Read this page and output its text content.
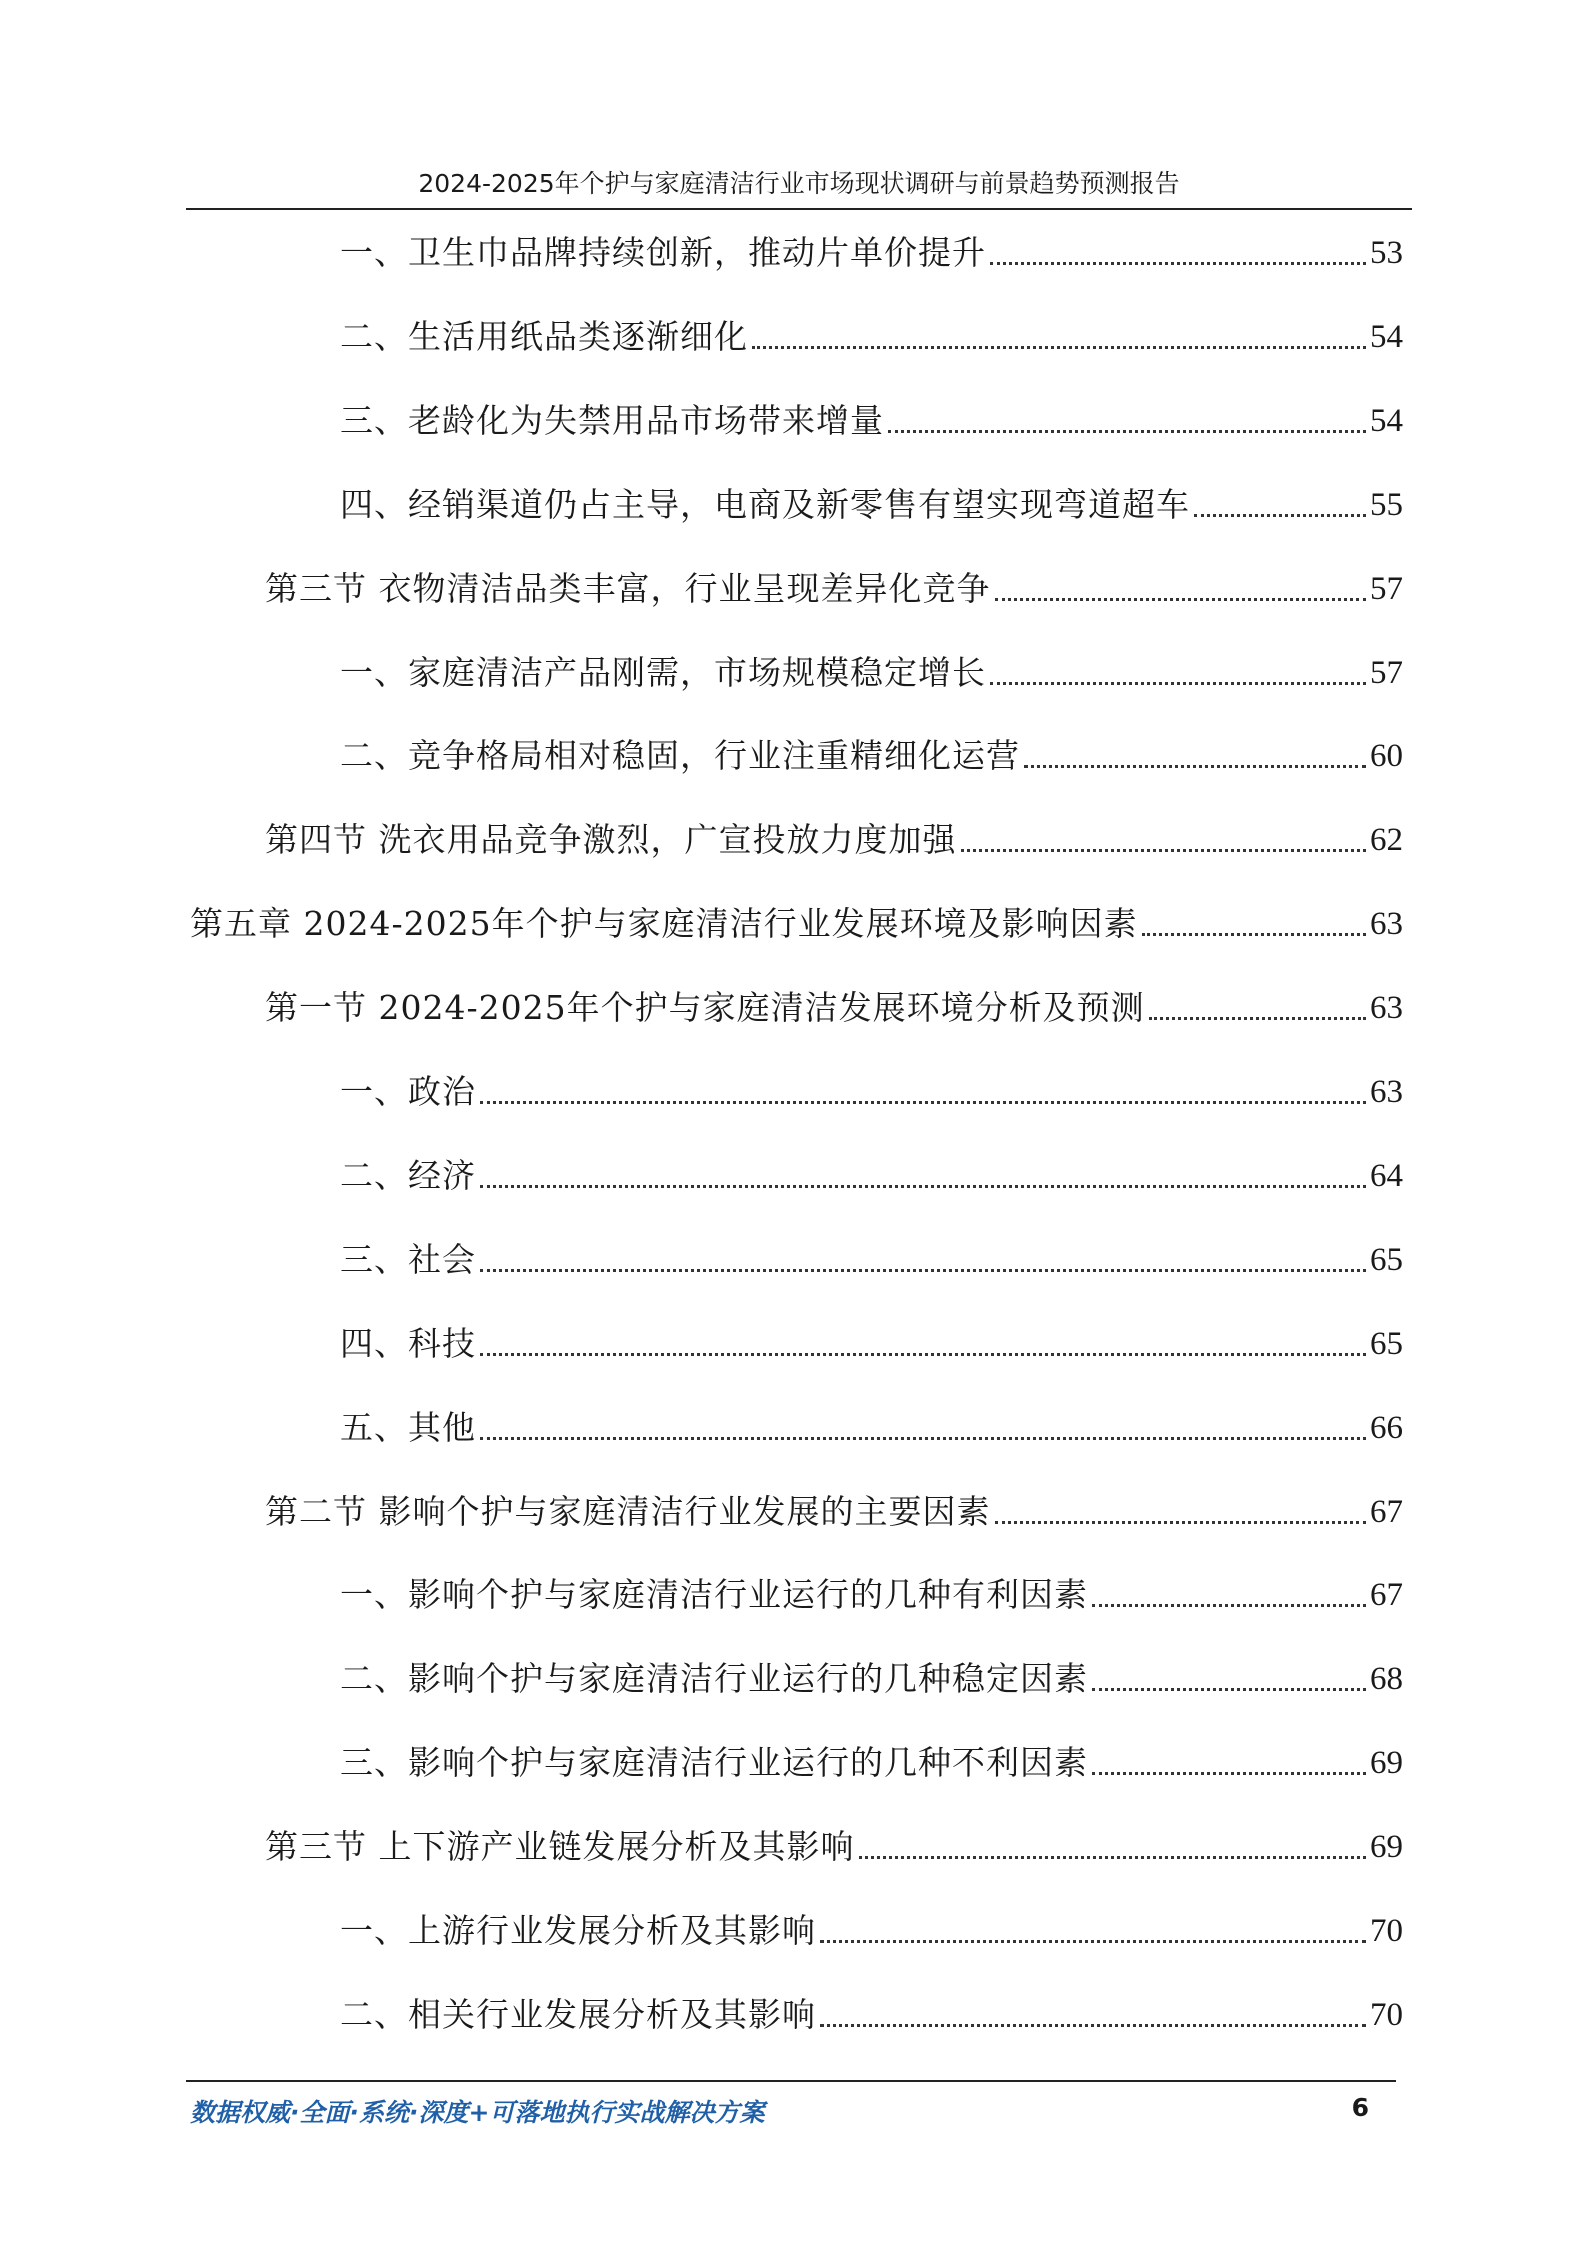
2024-2025年个护与家庭清洁行业市场现状调研与前景趋势预测报告
一、卫生巾品牌持续创新，推动片单价提升	53
二、生活用纸品类逐渐细化	54
三、老龄化为失禁用品市场带来增量	54
四、经销渠道仍占主导，电商及新零售有望实现弯道超车	55
第三节 衣物清洁品类丰富，行业呈现差异化竞争	57
一、家庭清洁产品刚需，市场规模稳定增长	57
二、竞争格局相对稳固，行业注重精细化运营	60
第四节 洗衣用品竞争激烈，广宣投放力度加强	62
第五章 2024-2025年个护与家庭清洁行业发展环境及影响因素	63
第一节 2024-2025年个护与家庭清洁发展环境分析及预测	63
一、政治	63
二、经济	64
三、社会	65
四、科技	65
五、其他	66
第二节 影响个护与家庭清洁行业发展的主要因素	67
一、影响个护与家庭清洁行业运行的几种有利因素	67
二、影响个护与家庭清洁行业运行的几种稳定因素	68
三、影响个护与家庭清洁行业运行的几种不利因素	69
第三节 上下游产业链发展分析及其影响	69
一、上游行业发展分析及其影响	70
二、相关行业发展分析及其影响	70
数据权威·全面·系统·深度+可落地执行实战解决方案	6
